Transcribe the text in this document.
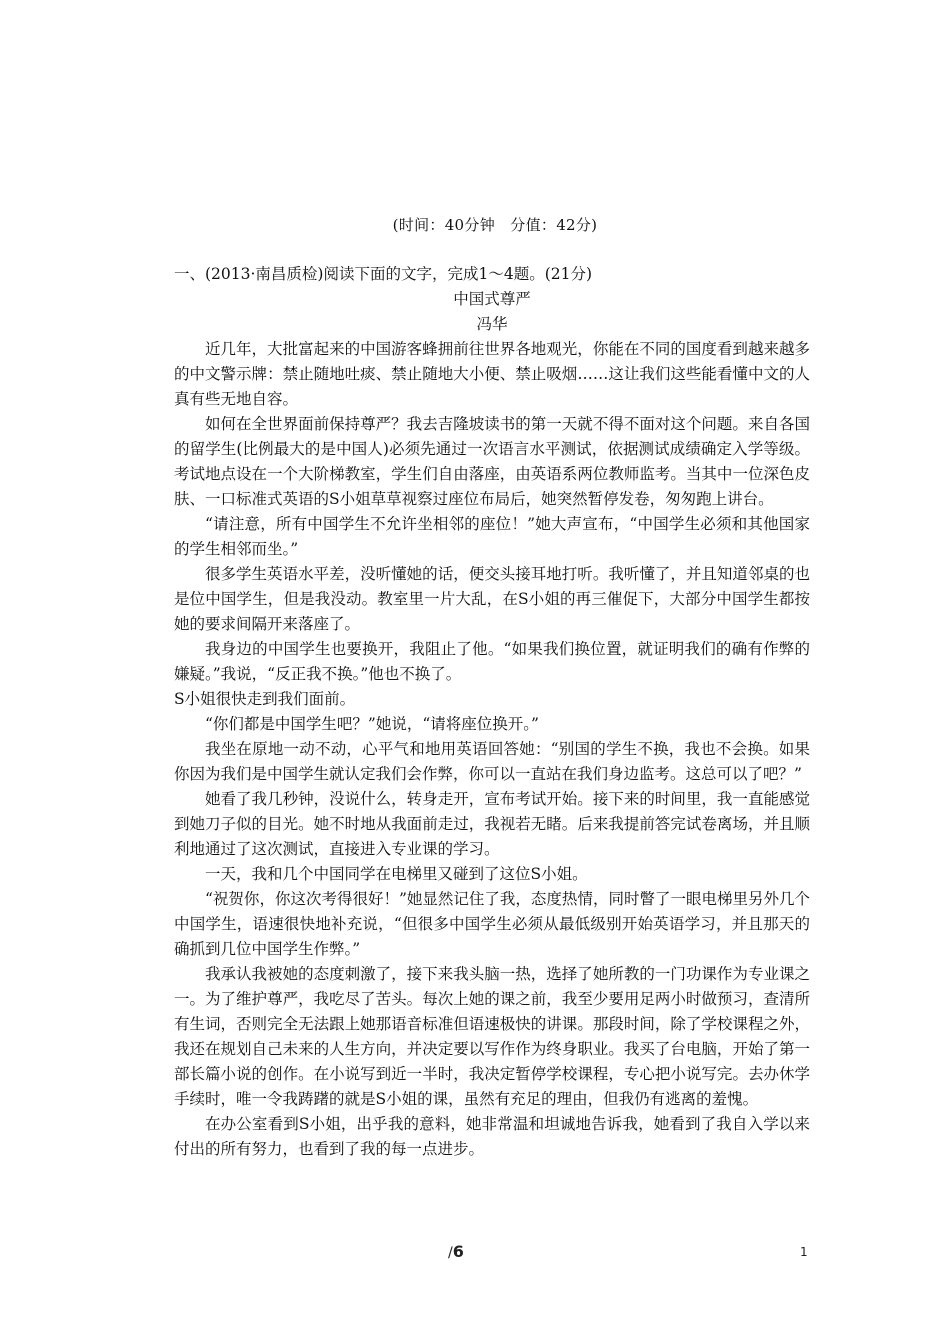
(时间：40分钟　分值：42分)

一、(2013·南昌质检)阅读下面的文字，完成1～4题。(21分)

中国式尊严

冯华

近几年，大批富起来的中国游客蜂拥前往世界各地观光，你能在不同的国度看到越来越多的中文警示牌：禁止随地吐痰、禁止随地大小便、禁止吸烟……这让我们这些能看懂中文的人真有些无地自容。

如何在全世界面前保持尊严？我去吉隆坡读书的第一天就不得不面对这个问题。来自各国的留学生(比例最大的是中国人)必须先通过一次语言水平测试，依据测试成绩确定入学等级。考试地点设在一个大阶梯教室，学生们自由落座，由英语系两位教师监考。当其中一位深色皮肤、一口标准式英语的S小姐草草视察过座位布局后，她突然暂停发卷，匆匆跑上讲台。

“请注意，所有中国学生不允许坐相邻的座位！”她大声宣布，“中国学生必须和其他国家的学生相邻而坐。”

很多学生英语水平差，没听懂她的话，便交头接耳地打听。我听懂了，并且知道邻桌的也是位中国学生，但是我没动。教室里一片大乱，在S小姐的再三催促下，大部分中国学生都按她的要求间隔开来落座了。

我身边的中国学生也要换开，我阻止了他。“如果我们换位置，就证明我们的确有作弊的嫌疑。”我说，“反正我不换。”他也不换了。

S小姐很快走到我们面前。

“你们都是中国学生吧？”她说，“请将座位换开。”

我坐在原地一动不动，心平气和地用英语回答她：“别国的学生不换，我也不会换。如果你因为我们是中国学生就认定我们会作弊，你可以一直站在我们身边监考。这总可以了吧？”

她看了我几秒钟，没说什么，转身走开，宣布考试开始。接下来的时间里，我一直能感觉到她刀子似的目光。她不时地从我面前走过，我视若无睹。后来我提前答完试卷离场，并且顺利地通过了这次测试，直接进入专业课的学习。

一天，我和几个中国同学在电梯里又碰到了这位S小姐。

“祝贺你，你这次考得很好！”她显然记住了我，态度热情，同时瞥了一眼电梯里另外几个中国学生，语速很快地补充说，“但很多中国学生必须从最低级别开始英语学习，并且那天的确抓到几位中国学生作弊。”

我承认我被她的态度刺激了，接下来我头脑一热，选择了她所教的一门功课作为专业课之一。为了维护尊严，我吃尽了苦头。每次上她的课之前，我至少要用足两小时做预习，查清所有生词，否则完全无法跟上她那语音标准但语速极快的讲课。那段时间，除了学校课程之外，我还在规划自己未来的人生方向，并决定要以写作作为终身职业。我买了台电脑，开始了第一部长篇小说的创作。在小说写到近一半时，我决定暂停学校课程，专心把小说写完。去办休学手续时，唯一令我踌躇的就是S小姐的课，虽然有充足的理由，但我仍有逃离的羞愧。

在办公室看到S小姐，出乎我的意料，她非常温和坦诚地告诉我，她看到了我自入学以来付出的所有努力，也看到了我的每一点进步。

/6	1
